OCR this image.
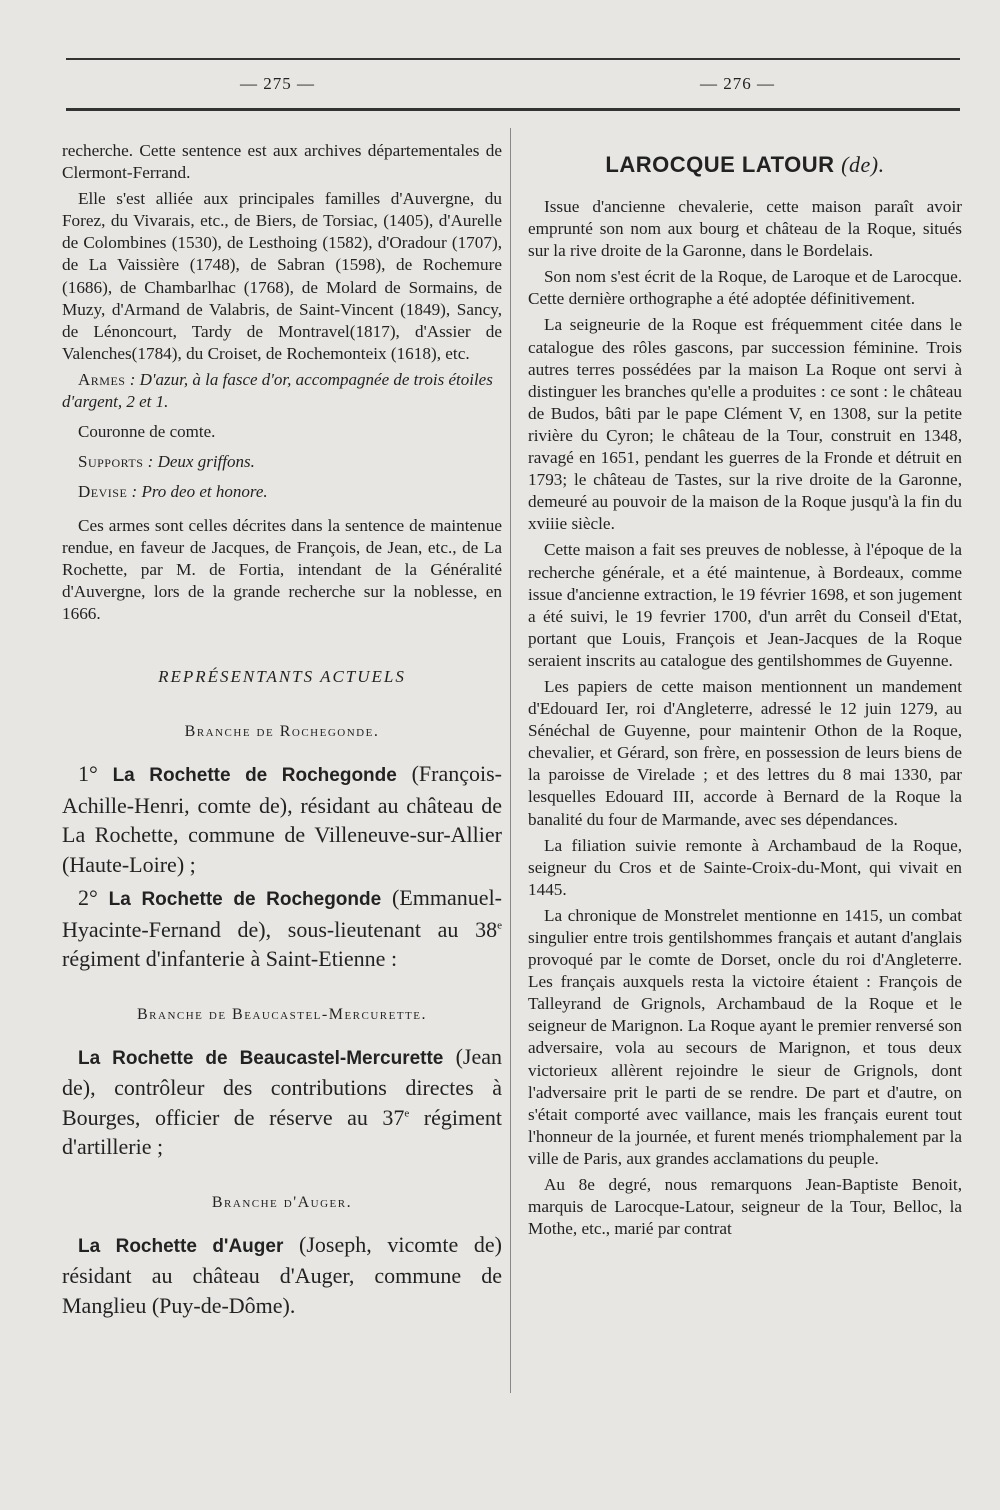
— 275 —	— 276 —

recherche. Cette sentence est aux archives départementales de Clermont-Ferrand.

Elle s'est alliée aux principales familles d'Auvergne, du Forez, du Vivarais, etc., de Biers, de Torsiac, (1405), d'Aurelle de Colombines (1530), de Lesthoing (1582), d'Oradour (1707), de La Vaissière (1748), de Sabran (1598), de Rochemure (1686), de Chambarlhac (1768), de Molard de Sormains, de Muzy, d'Armand de Valabris, de Saint-Vincent (1849), Sancy, de Lénoncourt, Tardy de Montravel(1817), d'Assier de Valenches(1784), du Croiset, de Rochemonteix (1618), etc.

Armes : D'azur, à la fasce d'or, accompagnée de trois étoiles d'argent, 2 et 1.

Couronne de comte.

Supports : Deux griffons.

Devise : Pro deo et honore.

Ces armes sont celles décrites dans la sentence de maintenue rendue, en faveur de Jacques, de François, de Jean, etc., de La Rochette, par M. de Fortia, intendant de la Généralité d'Auvergne, lors de la grande recherche sur la noblesse, en 1666.

REPRÉSENTANTS ACTUELS
Branche de Rochegonde.

1° La Rochette de Rochegonde (François-Achille-Henri, comte de), résidant au château de La Rochette, commune de Villeneuve-sur-Allier (Haute-Loire) ;

2° La Rochette de Rochegonde (Emmanuel-Hyacinte-Fernand de), sous-lieutenant au 38e régiment d'infanterie à Saint-Etienne :

Branche de Beaucastel-Mercurette.

La Rochette de Beaucastel-Mercurette (Jean de), contrôleur des contributions directes à Bourges, officier de réserve au 37e régiment d'artillerie ;

Branche d'Auger.

La Rochette d'Auger (Joseph, vicomte de) résidant au château d'Auger, commune de Manglieu (Puy-de-Dôme).

LAROCQUE LATOUR (de).

Issue d'ancienne chevalerie, cette maison paraît avoir emprunté son nom aux bourg et château de la Roque, situés sur la rive droite de la Garonne, dans le Bordelais.

Son nom s'est écrit de la Roque, de Laroque et de Larocque. Cette dernière orthographe a été adoptée définitivement.

La seigneurie de la Roque est fréquemment citée dans le catalogue des rôles gascons, par succession féminine. Trois autres terres possédées par la maison La Roque ont servi à distinguer les branches qu'elle a produites : ce sont : le château de Budos, bâti par le pape Clément V, en 1308, sur la petite rivière du Cyron; le château de la Tour, construit en 1348, ravagé en 1651, pendant les guerres de la Fronde et détruit en 1793; le château de Tastes, sur la rive droite de la Garonne, demeuré au pouvoir de la maison de la Roque jusqu'à la fin du xviiie siècle.

Cette maison a fait ses preuves de noblesse, à l'époque de la recherche générale, et a été maintenue, à Bordeaux, comme issue d'ancienne extraction, le 19 février 1698, et son jugement a été suivi, le 19 fevrier 1700, d'un arrêt du Conseil d'Etat, portant que Louis, François et Jean-Jacques de la Roque seraient inscrits au catalogue des gentilshommes de Guyenne.

Les papiers de cette maison mentionnent un mandement d'Edouard Ier, roi d'Angleterre, adressé le 12 juin 1279, au Sénéchal de Guyenne, pour maintenir Othon de la Roque, chevalier, et Gérard, son frère, en possession de leurs biens de la paroisse de Virelade ; et des lettres du 8 mai 1330, par lesquelles Edouard III, accorde à Bernard de la Roque la banalité du four de Marmande, avec ses dépendances.

La filiation suivie remonte à Archambaud de la Roque, seigneur du Cros et de Sainte-Croix-du-Mont, qui vivait en 1445.

La chronique de Monstrelet mentionne en 1415, un combat singulier entre trois gentilshommes français et autant d'anglais provoqué par le comte de Dorset, oncle du roi d'Angleterre. Les français auxquels resta la victoire étaient : François de Talleyrand de Grignols, Archambaud de la Roque et le seigneur de Marignon. La Roque ayant le premier renversé son adversaire, vola au secours de Marignon, et tous deux victorieux allèrent rejoindre le sieur de Grignols, dont l'adversaire prit le parti de se rendre. De part et d'autre, on s'était comporté avec vaillance, mais les français eurent tout l'honneur de la journée, et furent menés triomphalement par la ville de Paris, aux grandes acclamations du peuple.

Au 8e degré, nous remarquons Jean-Baptiste Benoit, marquis de Larocque-Latour, seigneur de la Tour, Belloc, la Mothe, etc., marié par contrat
